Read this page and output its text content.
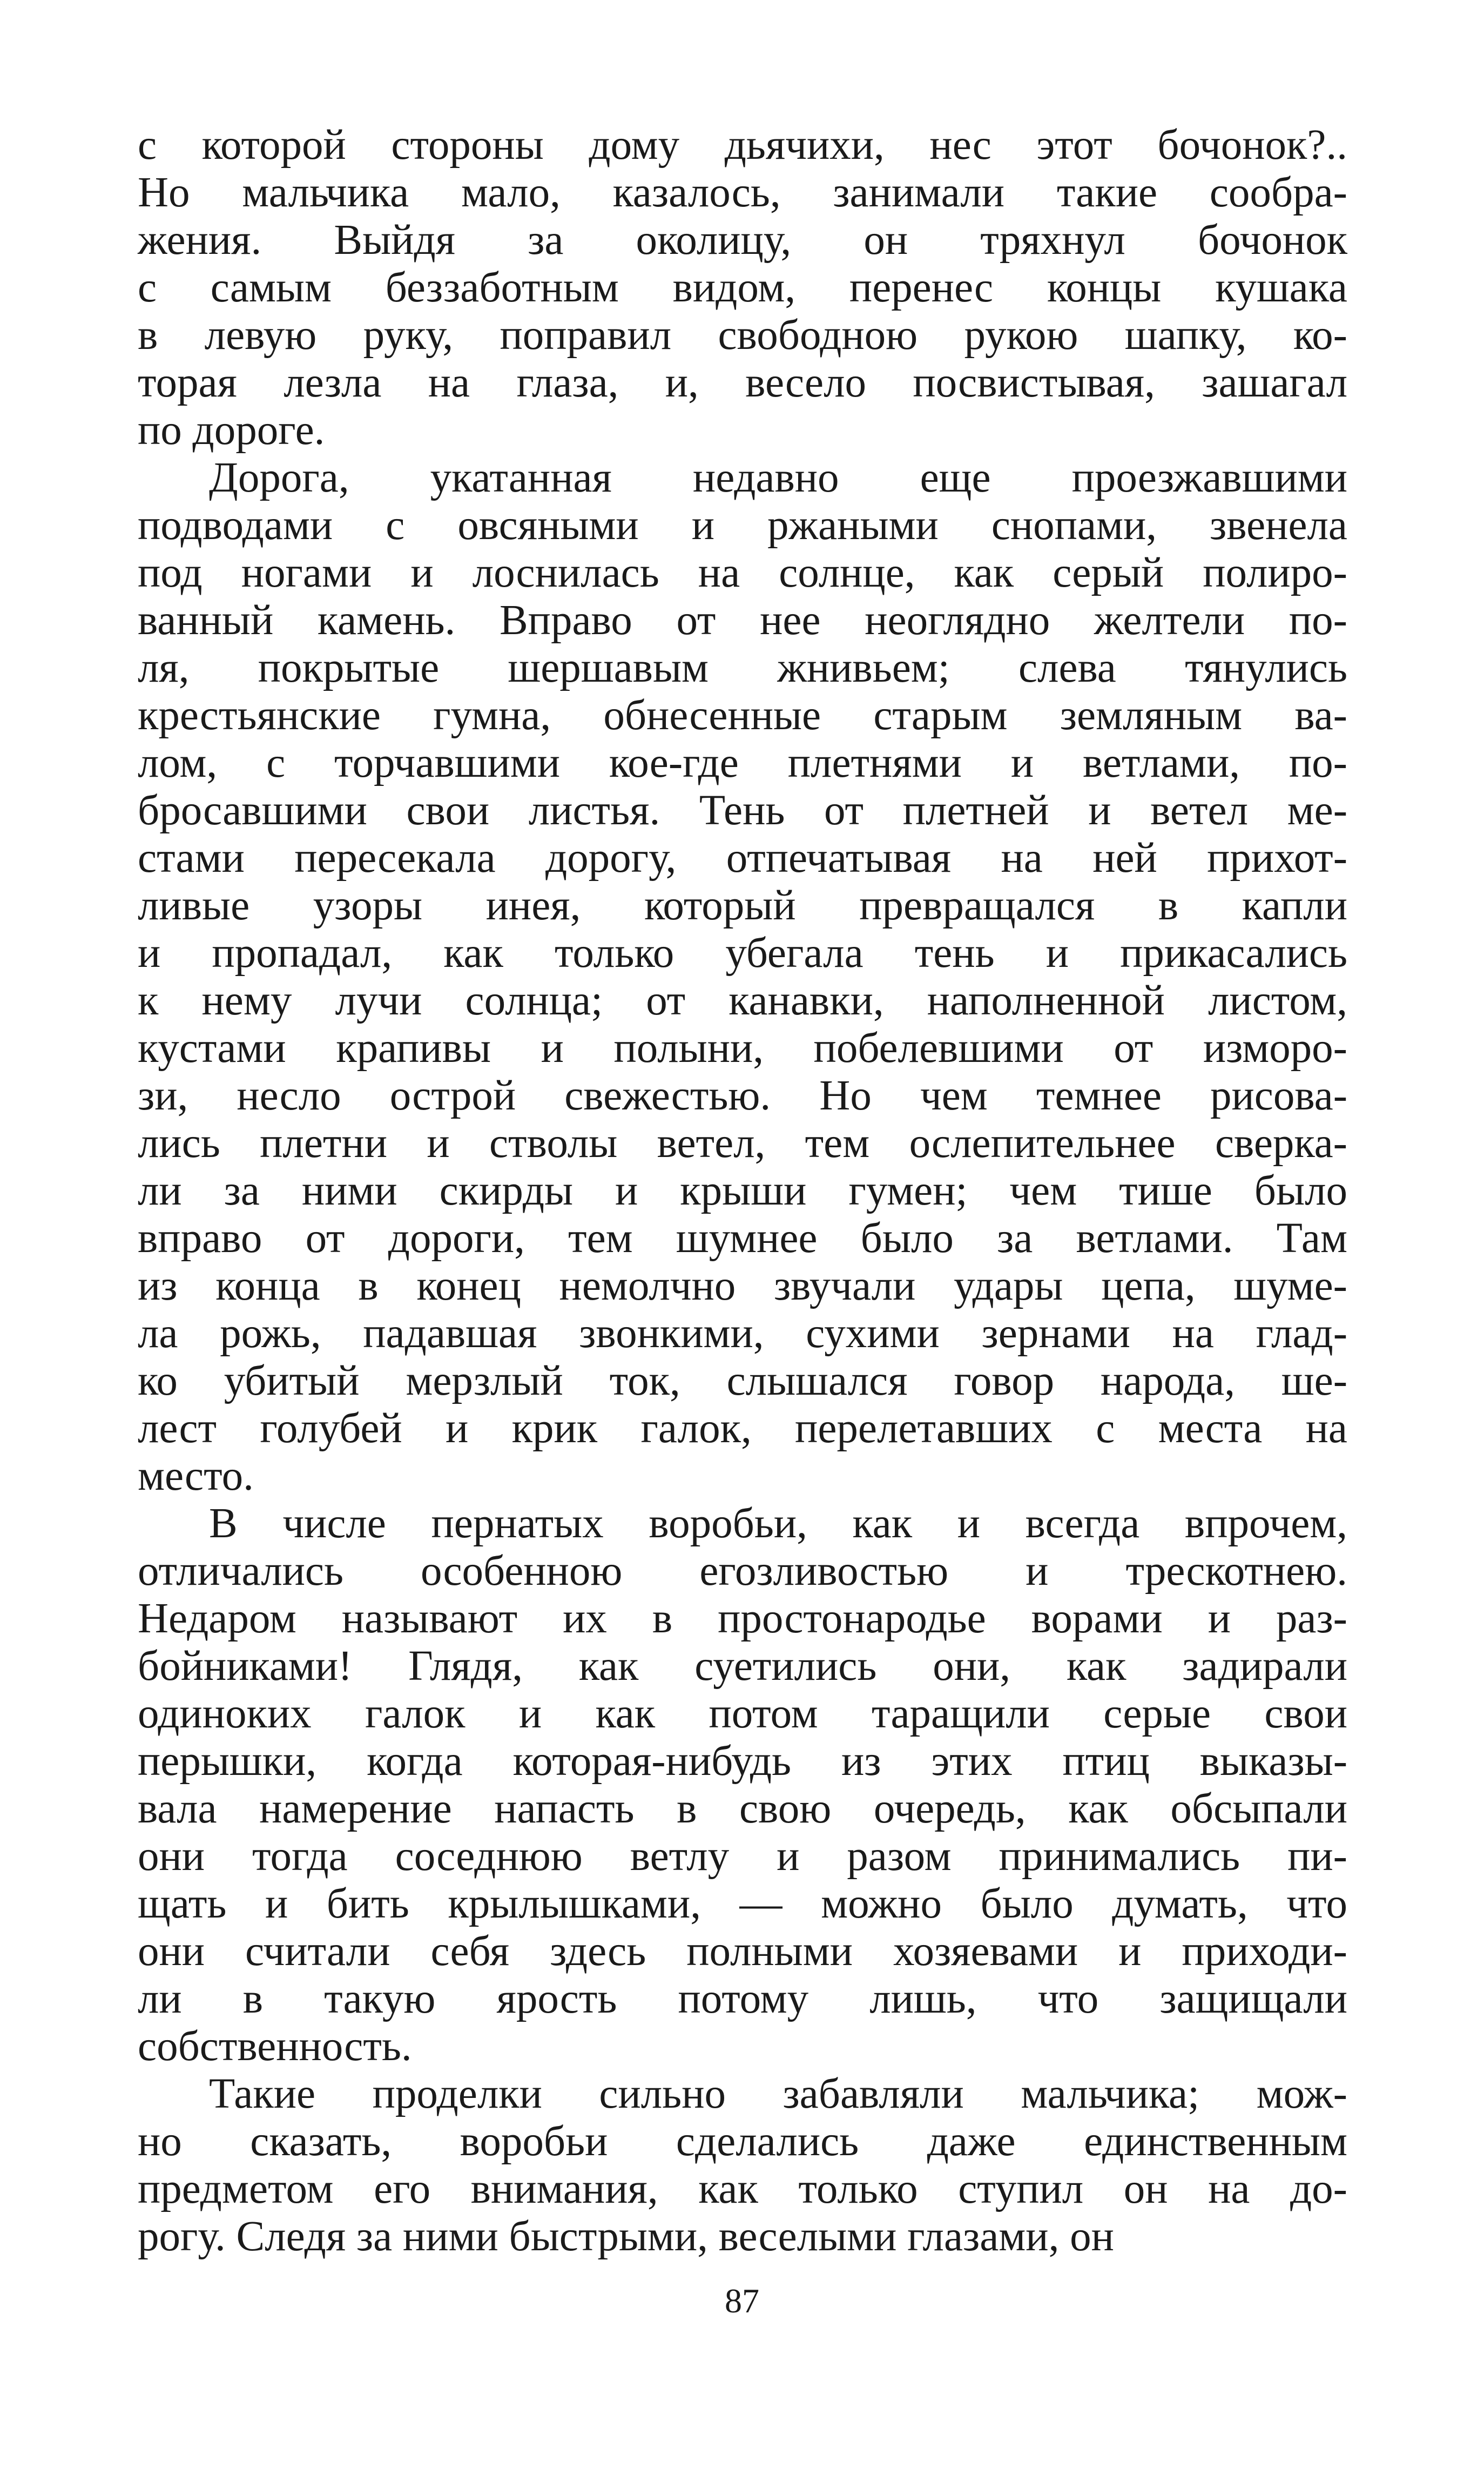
с которой стороны дому дьячихи, нес этот бочонок?..
Но мальчика мало, казалось, занимали такие сообра-
жения. Выйдя за околицу, он тряхнул бочонок
с самым беззаботным видом, перенес концы кушака
в левую руку, поправил свободною рукою шапку, ко-
торая лезла на глаза, и, весело посвистывая, зашагал
по дороге.

Дорога, укатанная недавно еще проезжавшими
подводами с овсяными и ржаными снопами, звенела
под ногами и лоснилась на солнце, как серый полиро-
ванный камень. Вправо от нее неоглядно желтели по-
ля, покрытые шершавым жнивьем; слева тянулись
крестьянские гумна, обнесенные старым земляным ва-
лом, с торчавшими кое-где плетнями и ветлами, по-
бросавшими свои листья. Тень от плетней и ветел ме-
стами пересекала дорогу, отпечатывая на ней прихот-
ливые узоры инея, который превращался в капли
и пропадал, как только убегала тень и прикасались
к нему лучи солнца; от канавки, наполненной листом,
кустами крапивы и полыни, побелевшими от изморо-
зи, несло острой свежестью. Но чем темнее рисова-
лись плетни и стволы ветел, тем ослепительнее сверка-
ли за ними скирды и крыши гумен; чем тише было
вправо от дороги, тем шумнее было за ветлами. Там
из конца в конец немолчно звучали удары цепа, шуме-
ла рожь, падавшая звонкими, сухими зернами на глад-
ко убитый мерзлый ток, слышался говор народа, ше-
лест голубей и крик галок, перелетавших с места на
место.

В числе пернатых воробьи, как и всегда впрочем,
отличались особенною егозливостью и трескотнею.
Недаром называют их в простонародье ворами и раз-
бойниками! Глядя, как суетились они, как задирали
одиноких галок и как потом таращили серые свои
перышки, когда которая-нибудь из этих птиц выказы-
вала намерение напасть в свою очередь, как обсыпали
они тогда соседнюю ветлу и разом принимались пи-
щать и бить крылышками, — можно было думать, что
они считали себя здесь полными хозяевами и приходи-
ли в такую ярость потому лишь, что защищали
собственность.

Такие проделки сильно забавляли мальчика; мож-
но сказать, воробьи сделались даже единственным
предметом его внимания, как только ступил он на до-
рогу. Следя за ними быстрыми, веселыми глазами, он

87
